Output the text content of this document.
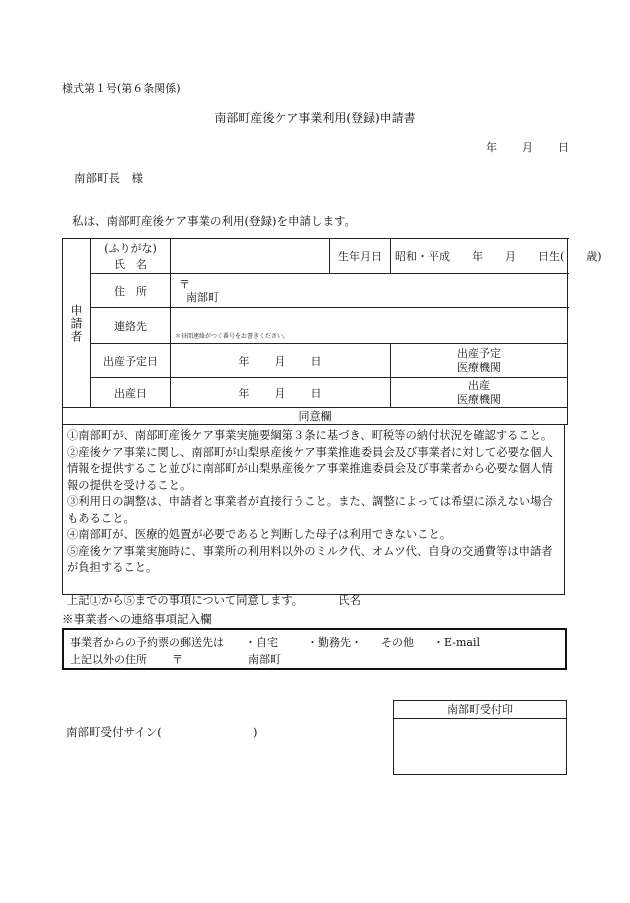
様式第１号(第６条関係)
南部町産後ケア事業利用(登録)申請書
年　　月　　日
南部町長　様
私は、南部町産後ケア事業の利用(登録)を申請します。
申請者	(ふりがな)
氏　名		生年月日	昭和・平成　　年　　月　　日生(　　歳)	
	住　所	〒
南部町			

	連絡先	＊昼間連絡がつく番号をお書きください。			
	出産予定日	年　　月　　日		出産予定
医療機関	

	出産日	年　　月　　日		出産
医療機関	

同意欄					

①南部町が、南部町産後ケア事業実施要綱第３条に基づき、町税等の納付状況を確認すること。

②産後ケア事業に関し、南部町が山梨県産後ケア事業推進委員会及び事業者に対して必要な個人情報を提供すること並びに南部町が山梨県産後ケア事業推進委員会及び事業者から必要な個人情報の提供を受けること。

③利用日の調整は、申請者と事業者が直接行うこと。また、調整によっては希望に添えない場合もあること。

④南部町が、医療的処置が必要であると判断した母子は利用できないこと。

⑤産後ケア事業実施時に、事業所の利用料以外のミルク代、オムツ代、自身の交通費等は申請者が負担すること。

上記①から⑤までの事項について同意します。	氏名

※事業者への連絡事項記入欄
事業者からの予約票の郵送先は ・自宅	・勤務先・ その他 ・E-mail
上記以外の住所 〒	南部町
南部町受付サイン(	)
南部町受付印
